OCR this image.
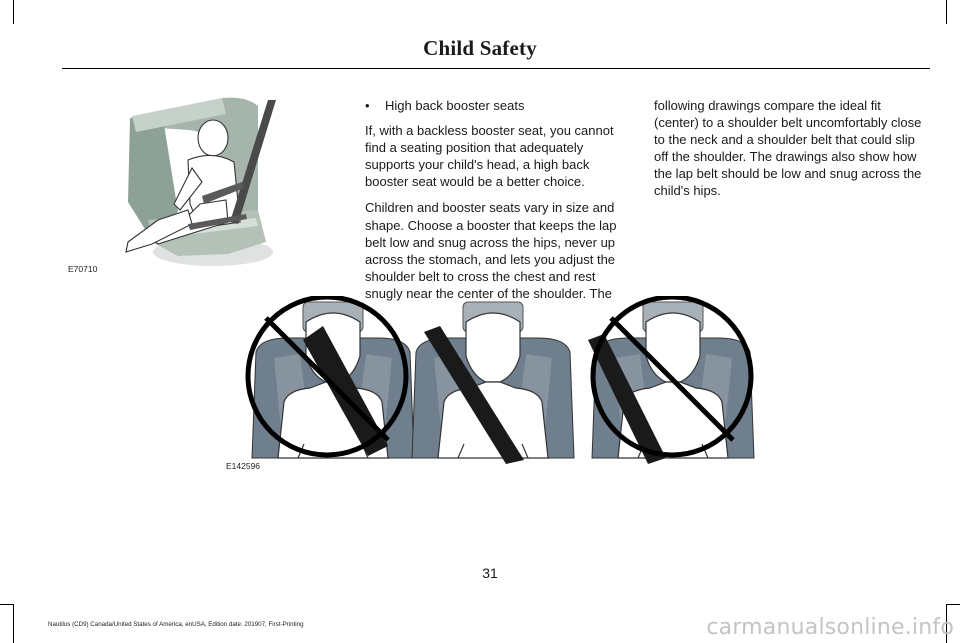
Child Safety
E70710
•	High back booster seats

If, with a backless booster seat, you cannot find a seating position that adequately supports your child's head, a high back booster seat would be a better choice.

Children and booster seats vary in size and shape. Choose a booster that keeps the lap belt low and snug across the hips, never up across the stomach, and lets you adjust the shoulder belt to cross the chest and rest snugly near the center of the shoulder. The

following drawings compare the ideal fit (center) to a shoulder belt uncomfortably close to the neck and a shoulder belt that could slip off the shoulder. The drawings also show how the lap belt should be low and snug across the child's hips.

E142596
31
Nautilus (CD9) Canada/United States of America, enUSA, Edition date: 201907, First-Printing	carmanualsonline.info
